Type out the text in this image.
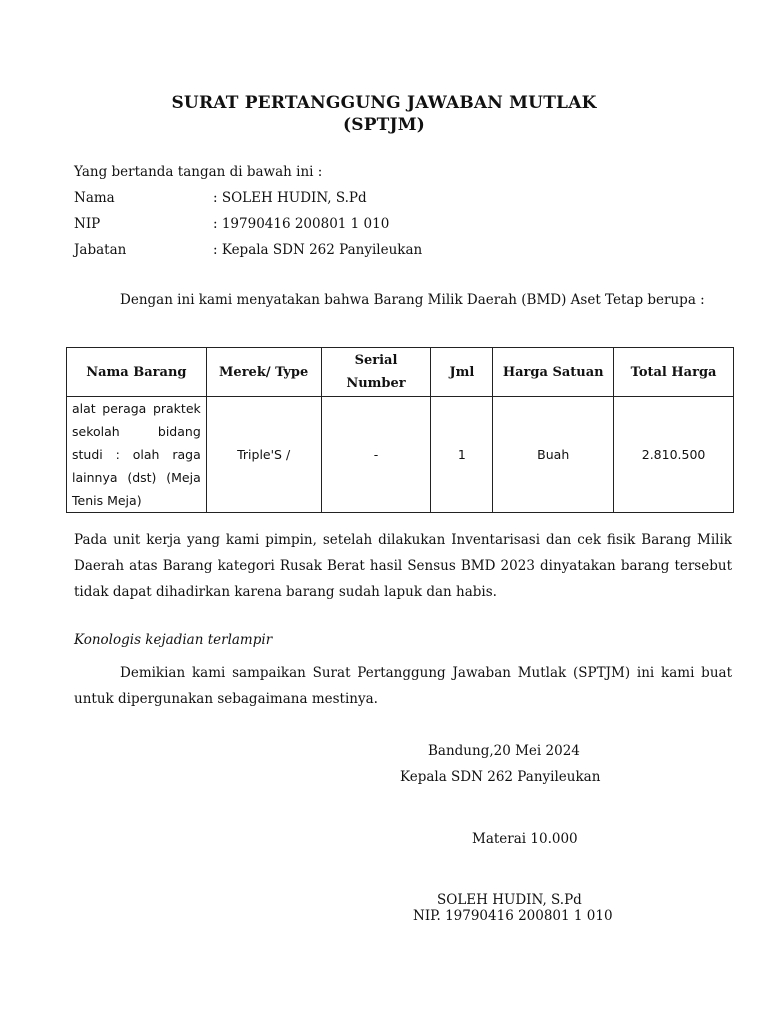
SURAT PERTANGGUNG JAWABAN MUTLAK
(SPTJM)
Yang bertanda tangan di bawah ini :
Nama	: SOLEH HUDIN, S.Pd
NIP	: 19790416 200801 1 010
Jabatan	: Kepala SDN 262 Panyileukan
Dengan ini kami menyatakan bahwa Barang Milik Daerah (BMD) Aset Tetap berupa :
Nama Barang	Merek/ Type	Serial Number	Jml	Harga Satuan	Total Harga
alat peraga praktek sekolah bidang studi : olah raga lainnya (dst) (Meja Tenis Meja)	Triple'S /	-	1	Buah	2.810.500
Pada unit kerja yang kami pimpin, setelah dilakukan Inventarisasi dan cek fisik Barang Milik Daerah atas Barang kategori Rusak Berat hasil Sensus BMD 2023 dinyatakan barang tersebut tidak dapat dihadirkan karena barang sudah lapuk dan habis.
Konologis kejadian terlampir
Demikian kami sampaikan Surat Pertanggung Jawaban Mutlak (SPTJM) ini kami buat untuk dipergunakan sebagaimana mestinya.
Bandung,20 Mei 2024
Kepala SDN 262 Panyileukan
Materai 10.000
SOLEH HUDIN, S.Pd
NIP. 19790416 200801 1 010
